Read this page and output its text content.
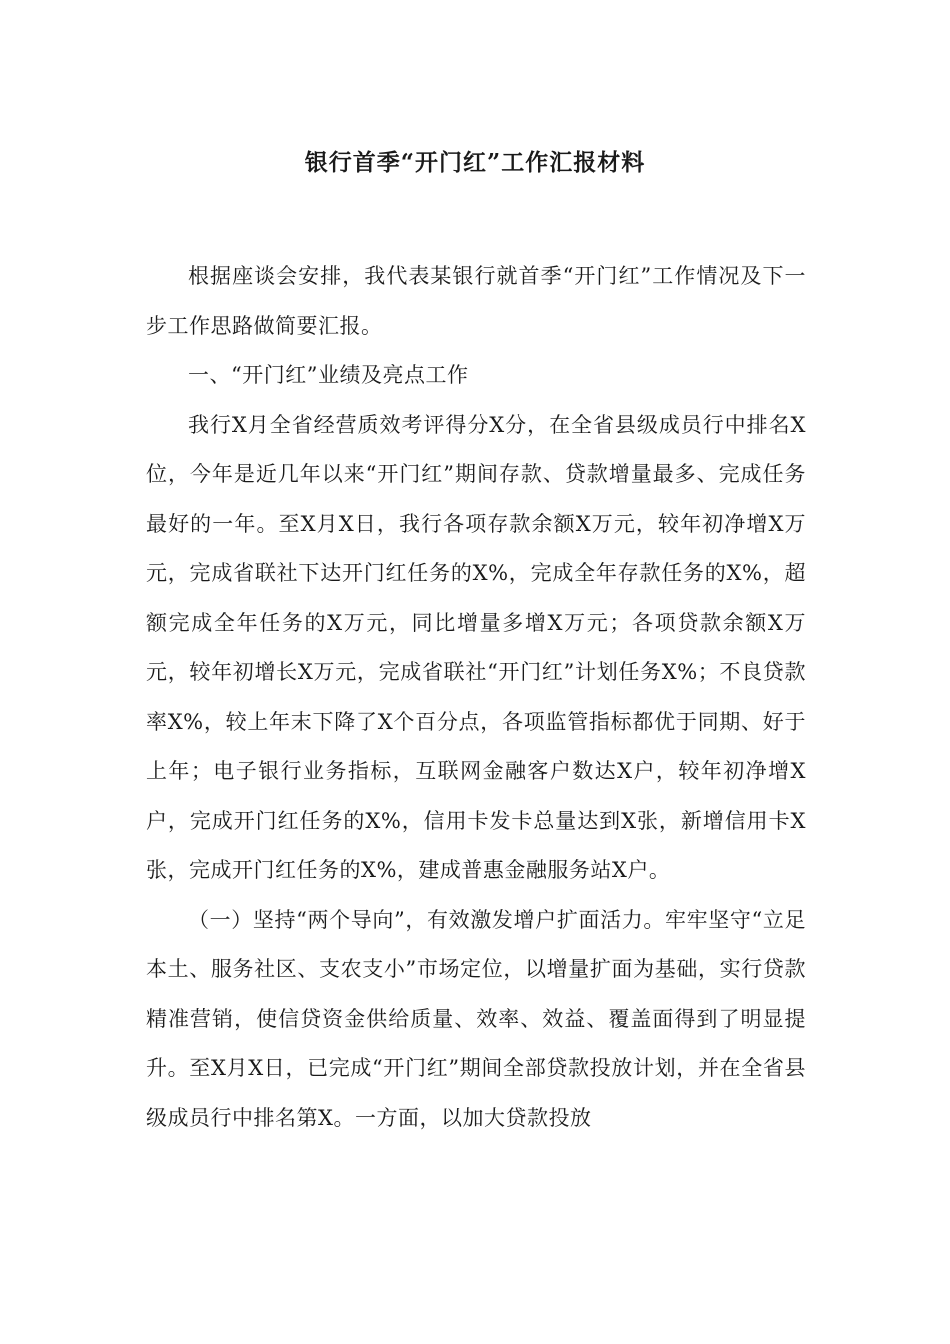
银行首季“开门红”工作汇报材料

根据座谈会安排，我代表某银行就首季“开门红”工作情况及下一步工作思路做简要汇报。

一、“开门红”业绩及亮点工作

我行X月全省经营质效考评得分X分，在全省县级成员行中排名X位，今年是近几年以来“开门红”期间存款、贷款增量最多、完成任务最好的一年。至X月X日，我行各项存款余额X万元，较年初净增X万元，完成省联社下达开门红任务的X%，完成全年存款任务的X%，超额完成全年任务的X万元，同比增量多增X万元；各项贷款余额X万元，较年初增长X万元，完成省联社“开门红”计划任务X%；不良贷款率X%，较上年末下降了X个百分点，各项监管指标都优于同期、好于上年；电子银行业务指标，互联网金融客户数达X户，较年初净增X户，完成开门红任务的X%，信用卡发卡总量达到X张，新增信用卡X张，完成开门红任务的X%，建成普惠金融服务站X户。

（一）坚持“两个导向”，有效激发增户扩面活力。牢牢坚守“立足本土、服务社区、支农支小”市场定位，以增量扩面为基础，实行贷款精准营销，使信贷资金供给质量、效率、效益、覆盖面得到了明显提升。至X月X日，已完成“开门红”期间全部贷款投放计划，并在全省县级成员行中排名第X。一方面，以加大贷款投放
